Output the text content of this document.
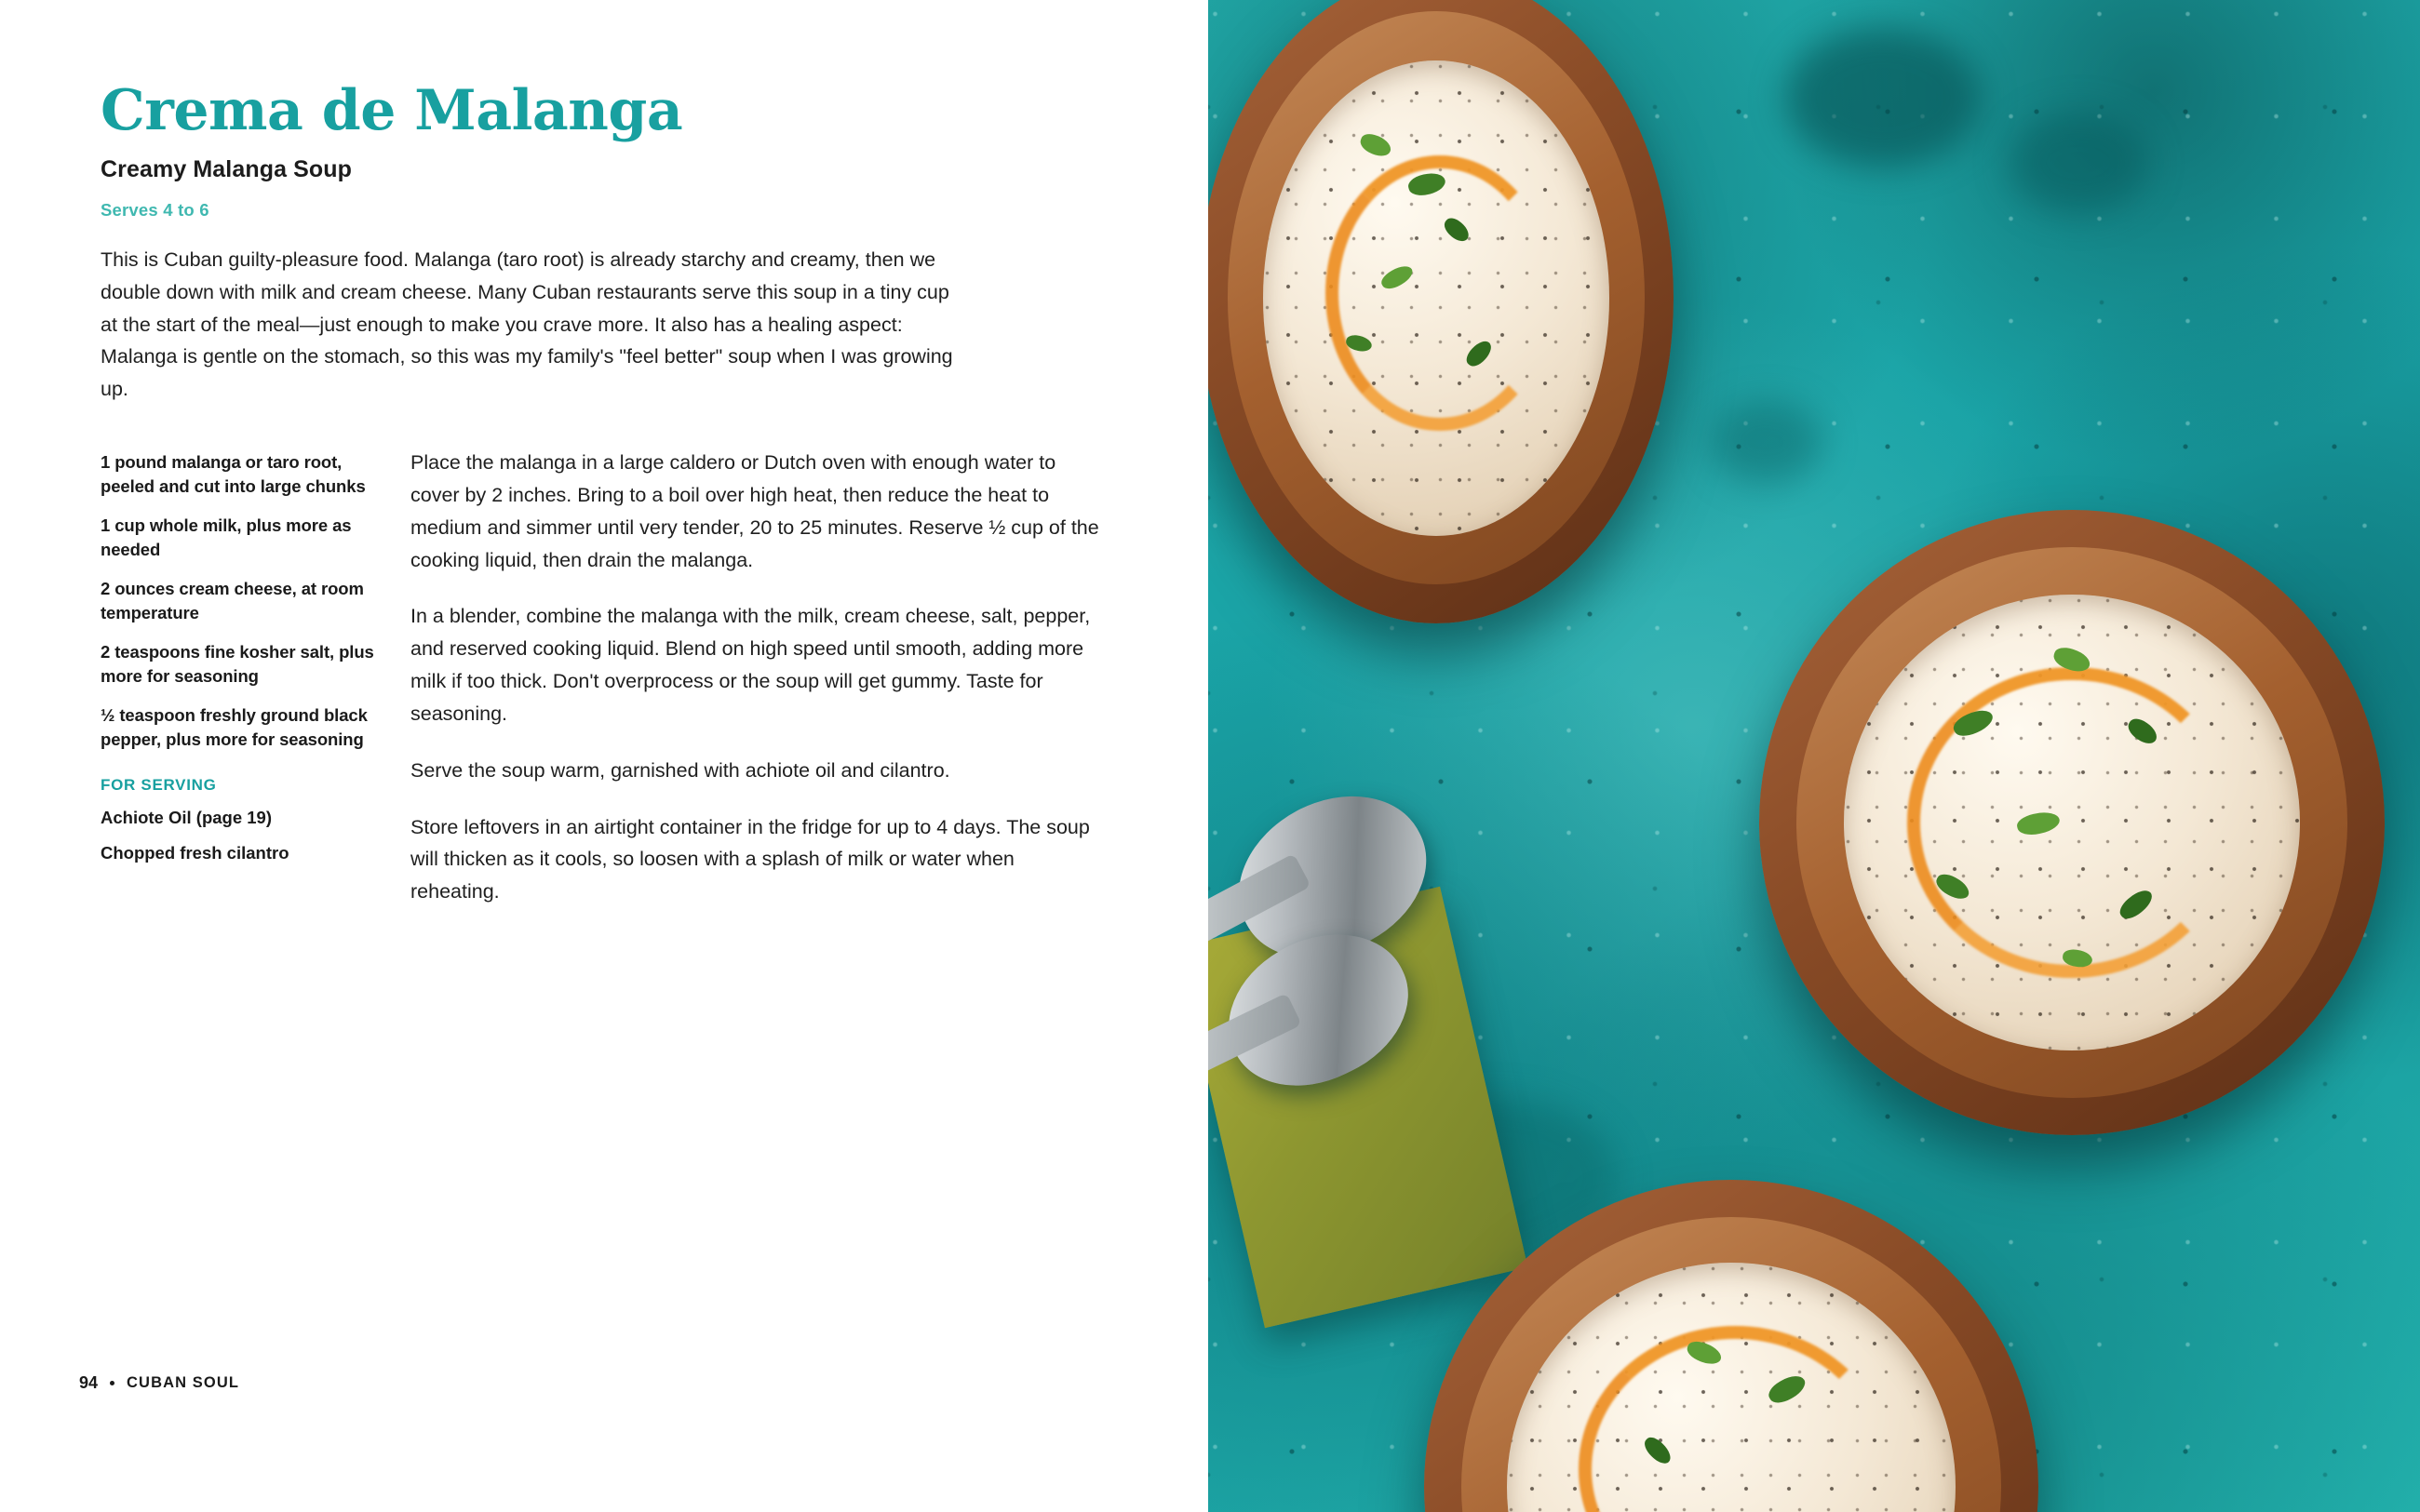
Crema de Malanga
Creamy Malanga Soup
Serves 4 to 6

This is Cuban guilty-pleasure food. Malanga (taro root) is already starchy and creamy, then we double down with milk and cream cheese. Many Cuban restaurants serve this soup in a tiny cup at the start of the meal—just enough to make you crave more. It also has a healing aspect: Malanga is gentle on the stomach, so this was my family's "feel better" soup when I was growing up.

1 pound malanga or taro root, peeled and cut into large chunks
1 cup whole milk, plus more as needed
2 ounces cream cheese, at room temperature
2 teaspoons fine kosher salt, plus more for seasoning
½ teaspoon freshly ground black pepper, plus more for seasoning
FOR SERVING
Achiote Oil (page 19)
Chopped fresh cilantro

Place the malanga in a large caldero or Dutch oven with enough water to cover by 2 inches. Bring to a boil over high heat, then reduce the heat to medium and simmer until very tender, 20 to 25 minutes. Reserve ½ cup of the cooking liquid, then drain the malanga.

In a blender, combine the malanga with the milk, cream cheese, salt, pepper, and reserved cooking liquid. Blend on high speed until smooth, adding more milk if too thick. Don't overprocess or the soup will get gummy. Taste for seasoning.

Serve the soup warm, garnished with achiote oil and cilantro.

Store leftovers in an airtight container in the fridge for up to 4 days. The soup will thicken as it cools, so loosen with a splash of milk or water when reheating.

94 CUBAN SOUL
